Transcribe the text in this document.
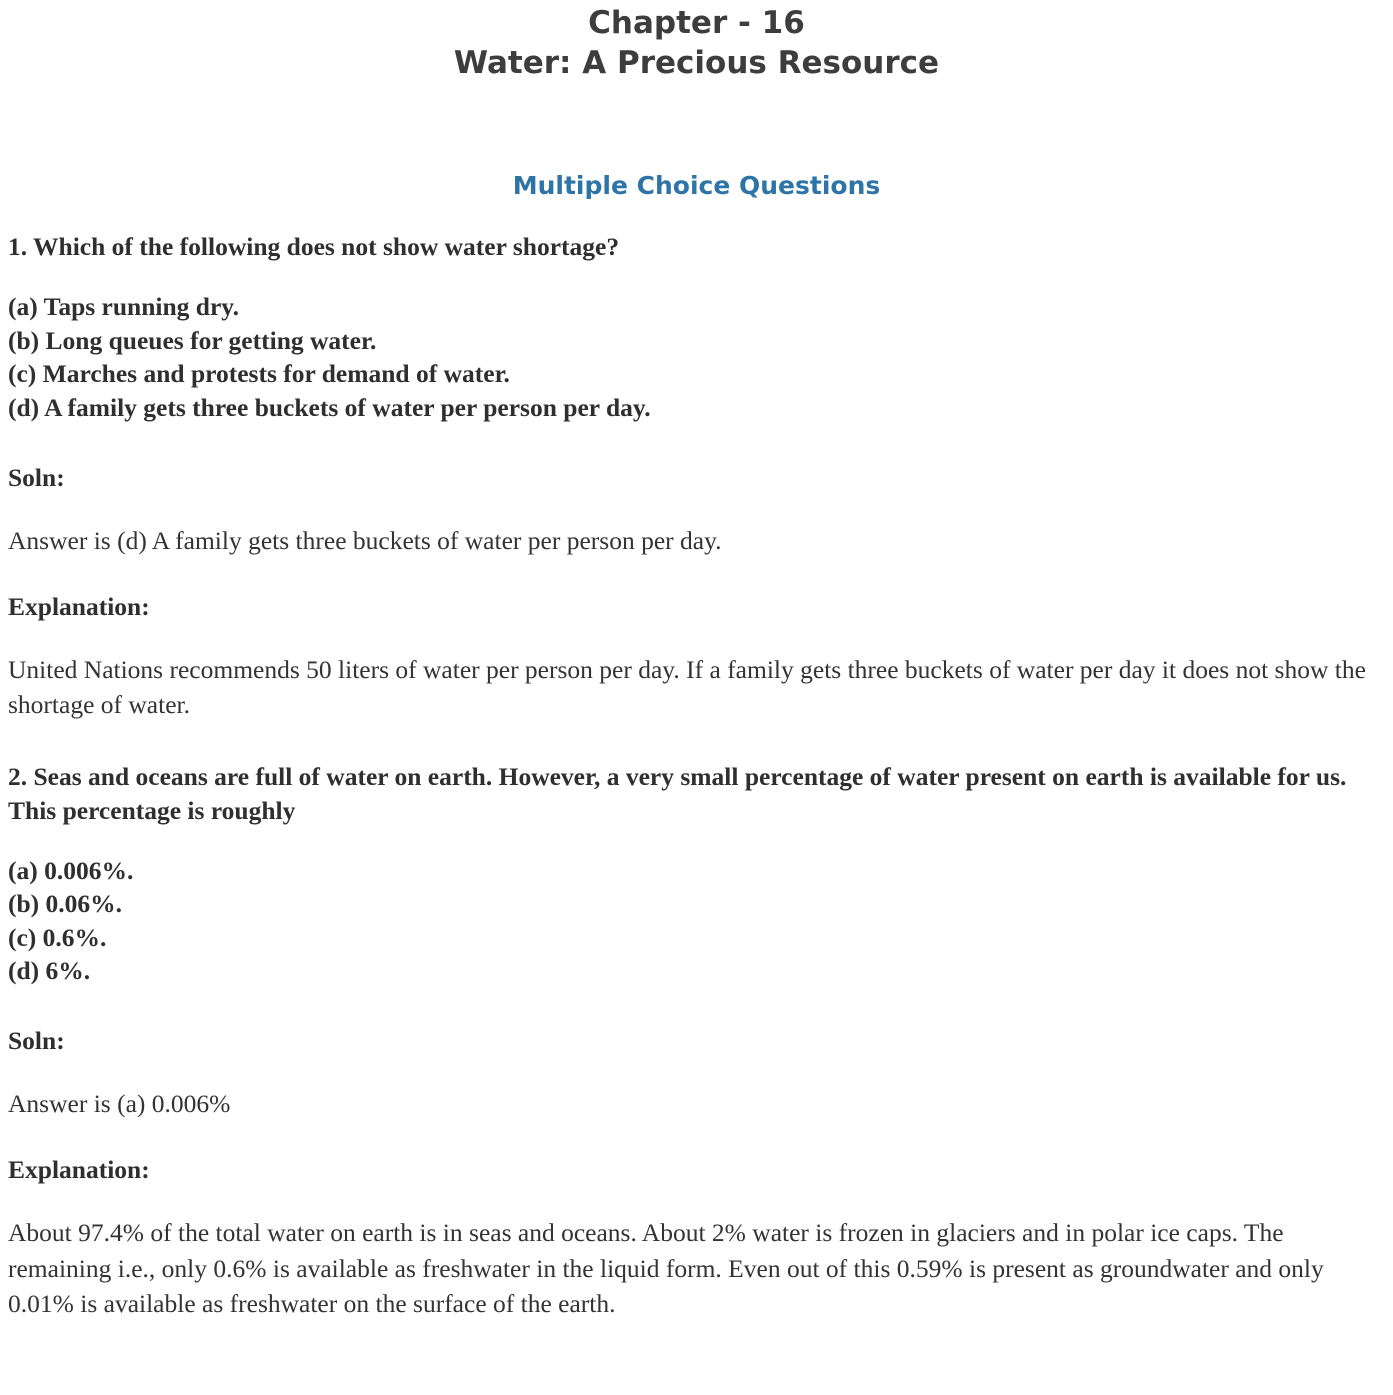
Chapter - 16
Water: A Precious Resource
Multiple Choice Questions

1. Which of the following does not show water shortage?

(a) Taps running dry.

(b) Long queues for getting water.

(c) Marches and protests for demand of water.

(d) A family gets three buckets of water per person per day.

Soln:

Answer is (d) A family gets three buckets of water per person per day.

Explanation:

United Nations recommends 50 liters of water per person per day. If a family gets three buckets of water per day it does not show the shortage of water.

2. Seas and oceans are full of water on earth. However, a very small percentage of water present on earth is available for us. This percentage is roughly

(a) 0.006%.

(b) 0.06%.

(c) 0.6%.

(d) 6%.

Soln:

Answer is (a) 0.006%

Explanation:

About 97.4% of the total water on earth is in seas and oceans. About 2% water is frozen in glaciers and in polar ice caps. The remaining i.e., only 0.6% is available as freshwater in the liquid form. Even out of this 0.59% is present as groundwater and only 0.01% is available as freshwater on the surface of the earth.
